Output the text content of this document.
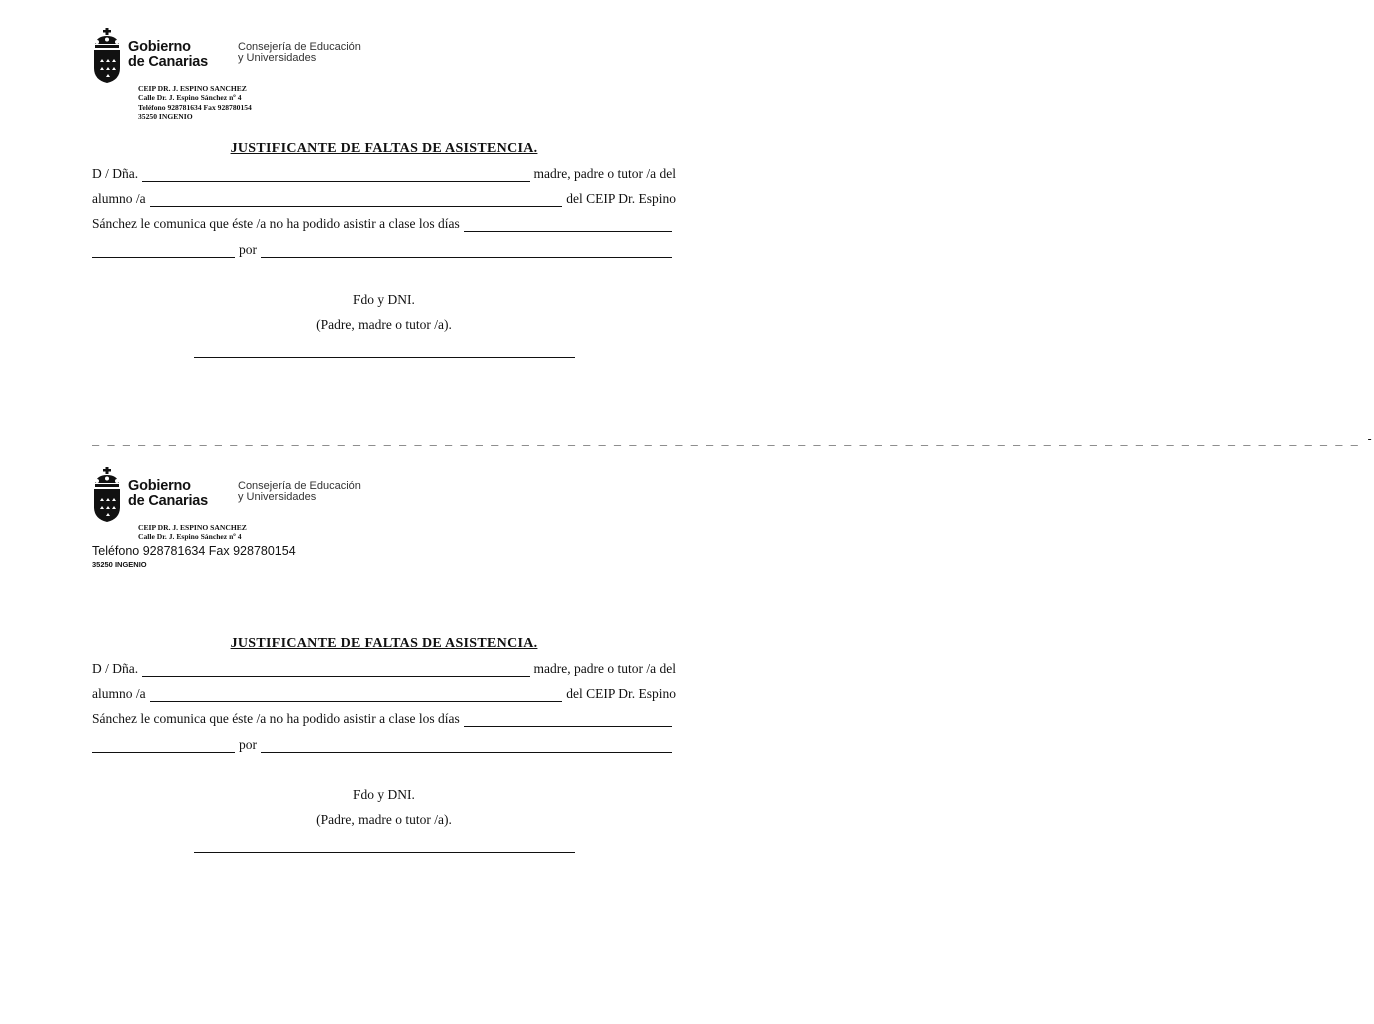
Gobierno
de Canarias
Consejería de Educación
y Universidades
CEIP DR. J. ESPINO SANCHEZ
Calle Dr. J. Espino Sánchez nº 4
Teléfono 928781634 Fax 928780154
35250 INGENIO
JUSTIFICANTE DE FALTAS DE ASISTENCIA.
D / Dña.	madre, padre o tutor /a del
alumno /a	del CEIP Dr. Espino
Sánchez le comunica que éste /a no ha podido asistir a clase los días
por
Fdo y DNI.
(Padre, madre o tutor /a).
_ _ _ _ _ _ _ _ _ _ _ _ _ _ _ _ _ _ _ _ _ _ _ _ _ _ _ _ _ _ _ _ _ _ _ _ _ _ _ _ _ _ _ _ _ _ _ _ _ _ _ _ _ _ _ _ _ _ _ _ _ _ _ _ _ _ _ _ _ _ _ _ _ _ _ _ _ _ _ _ _ _ _ -
Gobierno
de Canarias
Consejería de Educación
y Universidades
CEIP DR. J. ESPINO SANCHEZ
Calle Dr. J. Espino Sánchez nº 4
Teléfono 928781634 Fax 928780154
35250 INGENIO
JUSTIFICANTE DE FALTAS DE ASISTENCIA.
D / Dña.	madre, padre o tutor /a del
alumno /a	del CEIP Dr. Espino
Sánchez le comunica que éste /a no ha podido asistir a clase los días
por
Fdo y DNI.
(Padre, madre o tutor /a).
